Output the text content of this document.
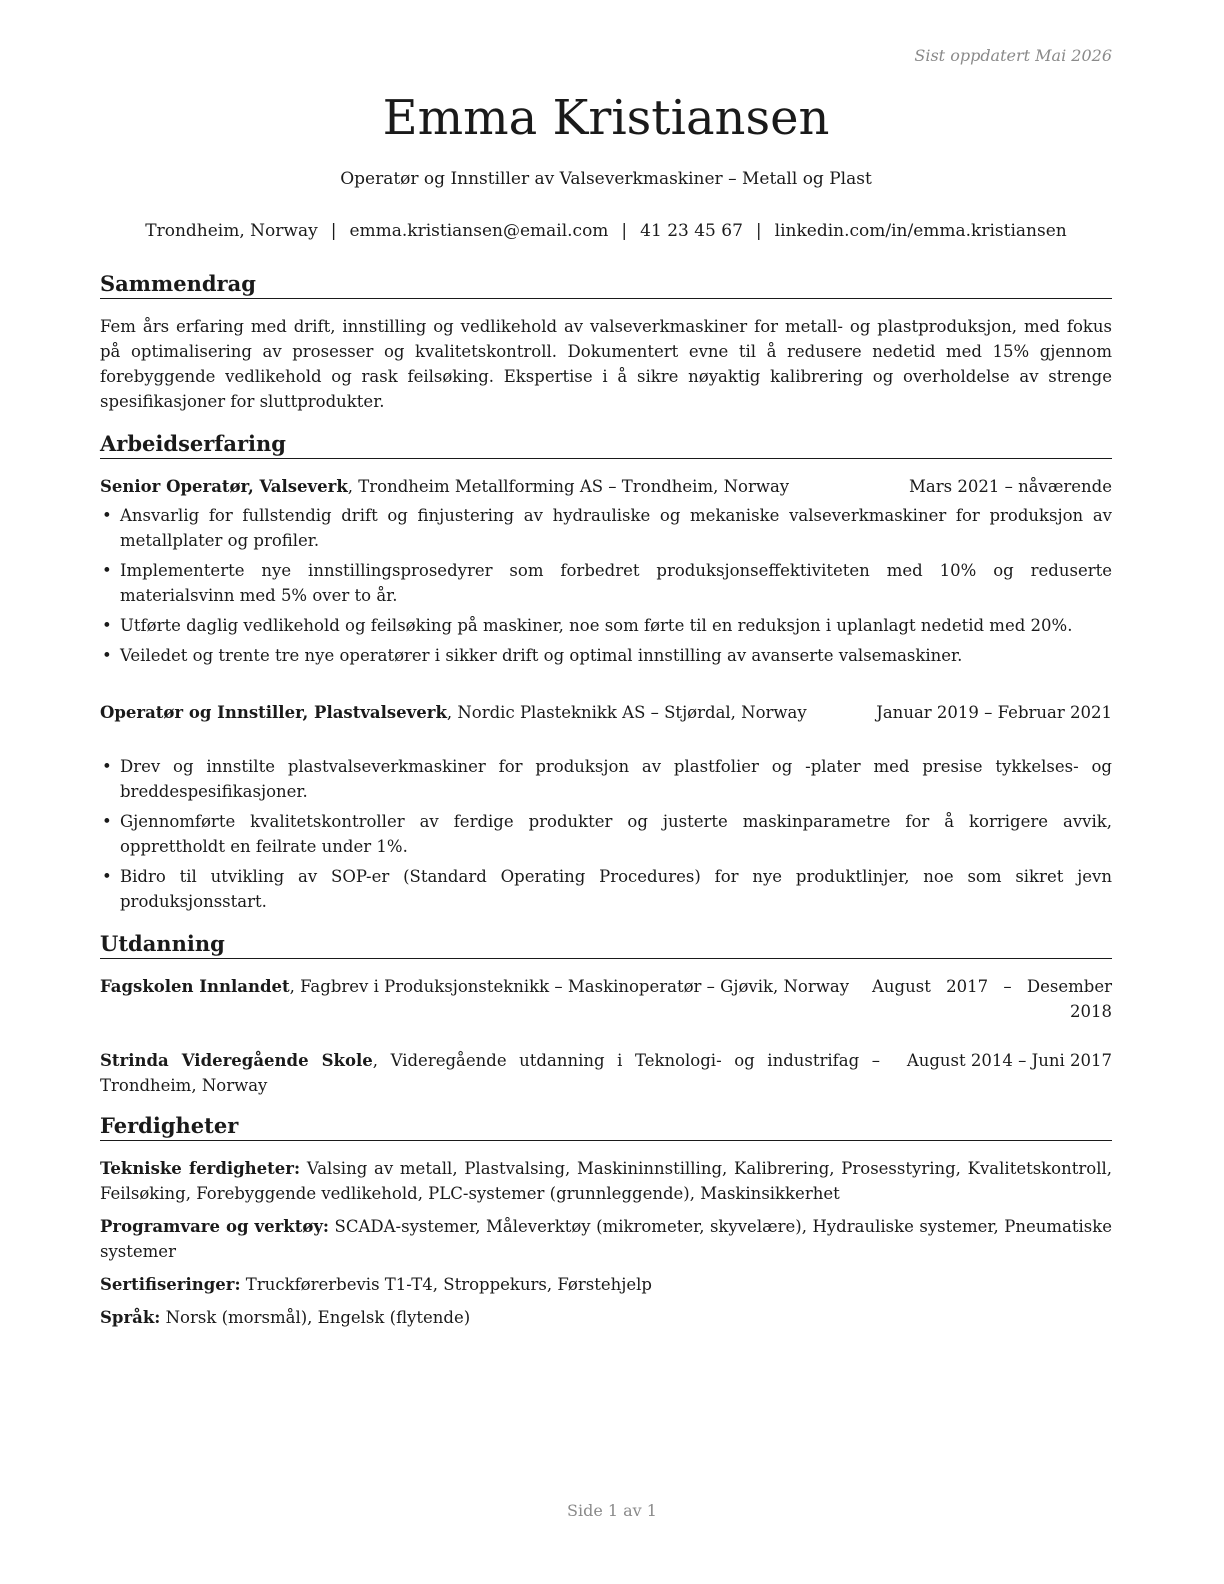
Sist oppdatert Mai 2026

Emma Kristiansen

Operatør og Innstiller av Valseverkmaskiner – Metall og Plast

Trondheim, Norway | emma.kristiansen@email.com | 41 23 45 67 | linkedin.com/in/emma.kristiansen

Sammendrag

Fem års erfaring med drift, innstilling og vedlikehold av valseverkmaskiner for metall- og plastproduksjon, med fokus på optimalisering av prosesser og kvalitetskontroll. Dokumentert evne til å redusere nedetid med 15% gjennom forebyggende vedlikehold og rask feilsøking. Ekspertise i å sikre nøyaktig kalibrering og overholdelse av strenge spesifikasjoner for sluttprodukter.

Arbeidserfaring
Senior Operatør, Valseverk, Trondheim Metallforming AS – Trondheim, Norway	Mars 2021 – nåværende
• Ansvarlig for fullstendig drift og finjustering av hydrauliske og mekaniske valseverkmaskiner for produksjon av metallplater og profiler.
• Implementerte nye innstillingsprosedyrer som forbedret produksjonseffektiviteten med 10% og reduserte materialsvinn med 5% over to år.
• Utførte daglig vedlikehold og feilsøking på maskiner, noe som førte til en reduksjon i uplanlagt nedetid med 20%.
• Veiledet og trente tre nye operatører i sikker drift og optimal innstilling av avanserte valsemaskiner.
Operatør og Innstiller, Plastvalseverk, Nordic Plasteknikk AS – Stjørdal, Norway	Januar 2019 – Februar 2021
• Drev og innstilte plastvalseverkmaskiner for produksjon av plastfolier og -plater med presise tykkelses- og breddespesifikasjoner.
• Gjennomførte kvalitetskontroller av ferdige produkter og justerte maskinparametre for å korrigere avvik, opprettholdt en feilrate under 1%.
• Bidro til utvikling av SOP-er (Standard Operating Procedures) for nye produktlinjer, noe som sikret jevn produksjonsstart.
Utdanning
Fagskolen Innlandet, Fagbrev i Produksjonsteknikk – Maskinoperatør – Gjøvik, Norway	August 2017 – Desember 2018
Strinda Videregående Skole, Videregående utdanning i Teknologi- og industrifag – Trondheim, Norway
August 2014 – Juni 2017
Ferdigheter

Tekniske ferdigheter: Valsing av metall, Plastvalsing, Maskininnstilling, Kalibrering, Prosesstyring, Kvalitetskontroll, Feilsøking, Forebyggende vedlikehold, PLC-systemer (grunnleggende), Maskinsikkerhet

Programvare og verktøy: SCADA-systemer, Måleverktøy (mikrometer, skyvelære), Hydrauliske systemer, Pneumatiske systemer

Sertifiseringer: Truckførerbevis T1-T4, Stroppekurs, Førstehjelp

Språk: Norsk (morsmål), Engelsk (flytende)

Side 1 av 1
